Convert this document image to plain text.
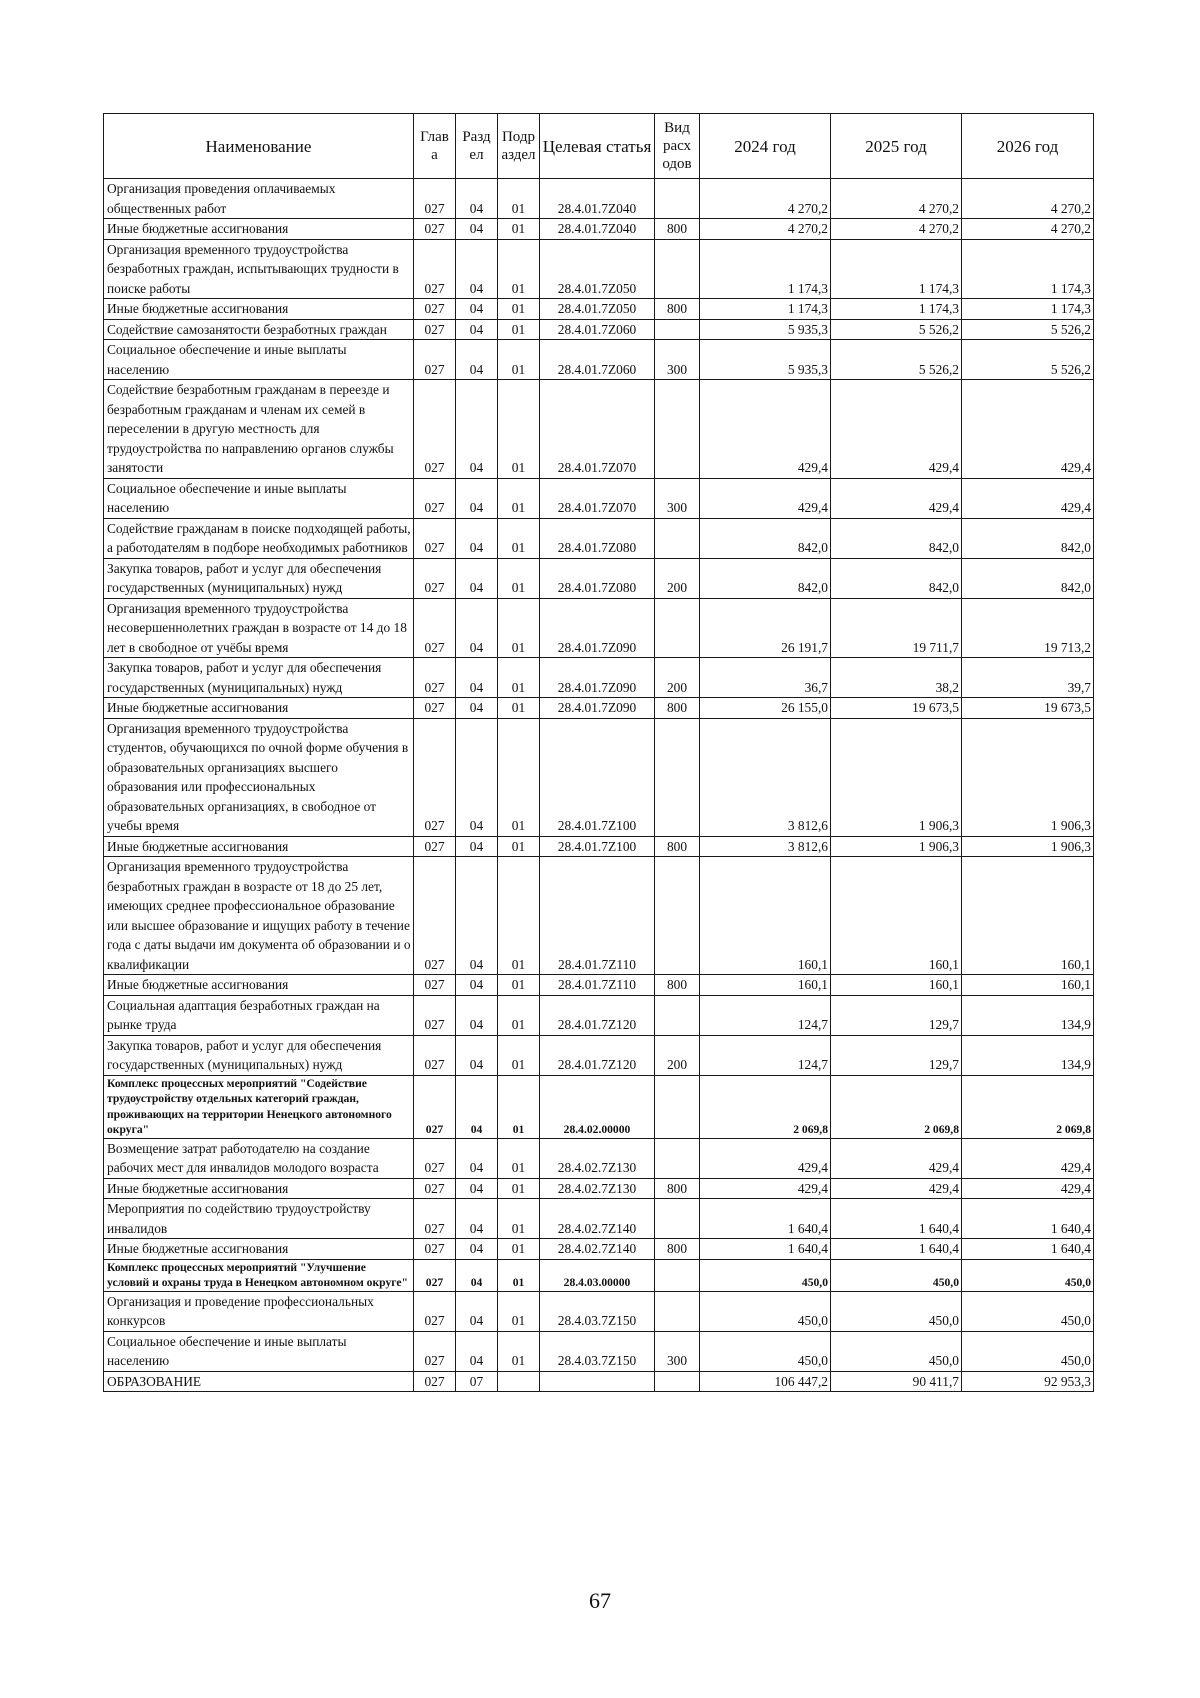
Наименование	Глав а	Разд ел	Подр аздел	Целевая статья	Вид расх одов	2024 год	2025 год	2026 год
Организация проведения оплачиваемых общественных работ	027	04	01	28.4.01.7Z040		4 270,2	4 270,2	4 270,2
Иные бюджетные ассигнования	027	04	01	28.4.01.7Z040	800	4 270,2	4 270,2	4 270,2
Организация временного трудоустройства безработных граждан, испытывающих трудности в поиске работы	027	04	01	28.4.01.7Z050		1 174,3	1 174,3	1 174,3
Иные бюджетные ассигнования	027	04	01	28.4.01.7Z050	800	1 174,3	1 174,3	1 174,3
Содействие самозанятости безработных граждан	027	04	01	28.4.01.7Z060		5 935,3	5 526,2	5 526,2
Социальное обеспечение и иные выплаты населению	027	04	01	28.4.01.7Z060	300	5 935,3	5 526,2	5 526,2
Содействие безработным гражданам в переезде и безработным гражданам и членам их семей в переселении в другую местность для трудоустройства по направлению органов службы занятости	027	04	01	28.4.01.7Z070		429,4	429,4	429,4
Социальное обеспечение и иные выплаты населению	027	04	01	28.4.01.7Z070	300	429,4	429,4	429,4
Содействие гражданам в поиске подходящей работы, а работодателям в подборе необходимых работников	027	04	01	28.4.01.7Z080		842,0	842,0	842,0
Закупка товаров, работ и услуг для обеспечения государственных (муниципальных) нужд	027	04	01	28.4.01.7Z080	200	842,0	842,0	842,0
Организация временного трудоустройства несовершеннолетних граждан в возрасте от 14 до 18 лет в свободное от учёбы время	027	04	01	28.4.01.7Z090		26 191,7	19 711,7	19 713,2
Закупка товаров, работ и услуг для обеспечения государственных (муниципальных) нужд	027	04	01	28.4.01.7Z090	200	36,7	38,2	39,7
Иные бюджетные ассигнования	027	04	01	28.4.01.7Z090	800	26 155,0	19 673,5	19 673,5
Организация временного трудоустройства студентов, обучающихся по очной форме обучения в образовательных организациях высшего образования или профессиональных образовательных организациях, в свободное от учебы время	027	04	01	28.4.01.7Z100		3 812,6	1 906,3	1 906,3
Иные бюджетные ассигнования	027	04	01	28.4.01.7Z100	800	3 812,6	1 906,3	1 906,3
Организация временного трудоустройства безработных граждан в возрасте от 18 до 25 лет, имеющих среднее профессиональное образование или высшее образование и ищущих работу в течение года с даты выдачи им документа об образовании и о квалификации	027	04	01	28.4.01.7Z110		160,1	160,1	160,1
Иные бюджетные ассигнования	027	04	01	28.4.01.7Z110	800	160,1	160,1	160,1
Социальная адаптация безработных граждан на рынке труда	027	04	01	28.4.01.7Z120		124,7	129,7	134,9
Закупка товаров, работ и услуг для обеспечения государственных (муниципальных) нужд	027	04	01	28.4.01.7Z120	200	124,7	129,7	134,9
Комплекс процессных мероприятий "Содействие трудоустройству отдельных категорий граждан, проживающих на территории Ненецкого автономного округа"	027	04	01	28.4.02.00000		2 069,8	2 069,8	2 069,8
Возмещение затрат работодателю на создание рабочих мест для инвалидов молодого возраста	027	04	01	28.4.02.7Z130		429,4	429,4	429,4
Иные бюджетные ассигнования	027	04	01	28.4.02.7Z130	800	429,4	429,4	429,4
Мероприятия по содействию трудоустройству инвалидов	027	04	01	28.4.02.7Z140		1 640,4	1 640,4	1 640,4
Иные бюджетные ассигнования	027	04	01	28.4.02.7Z140	800	1 640,4	1 640,4	1 640,4
Комплекс процессных мероприятий "Улучшение условий и охраны труда в Ненецком автономном округе"	027	04	01	28.4.03.00000		450,0	450,0	450,0
Организация и проведение профессиональных конкурсов	027	04	01	28.4.03.7Z150		450,0	450,0	450,0
Социальное обеспечение и иные выплаты населению	027	04	01	28.4.03.7Z150	300	450,0	450,0	450,0
ОБРАЗОВАНИЕ	027	07				106 447,2	90 411,7	92 953,3
67
